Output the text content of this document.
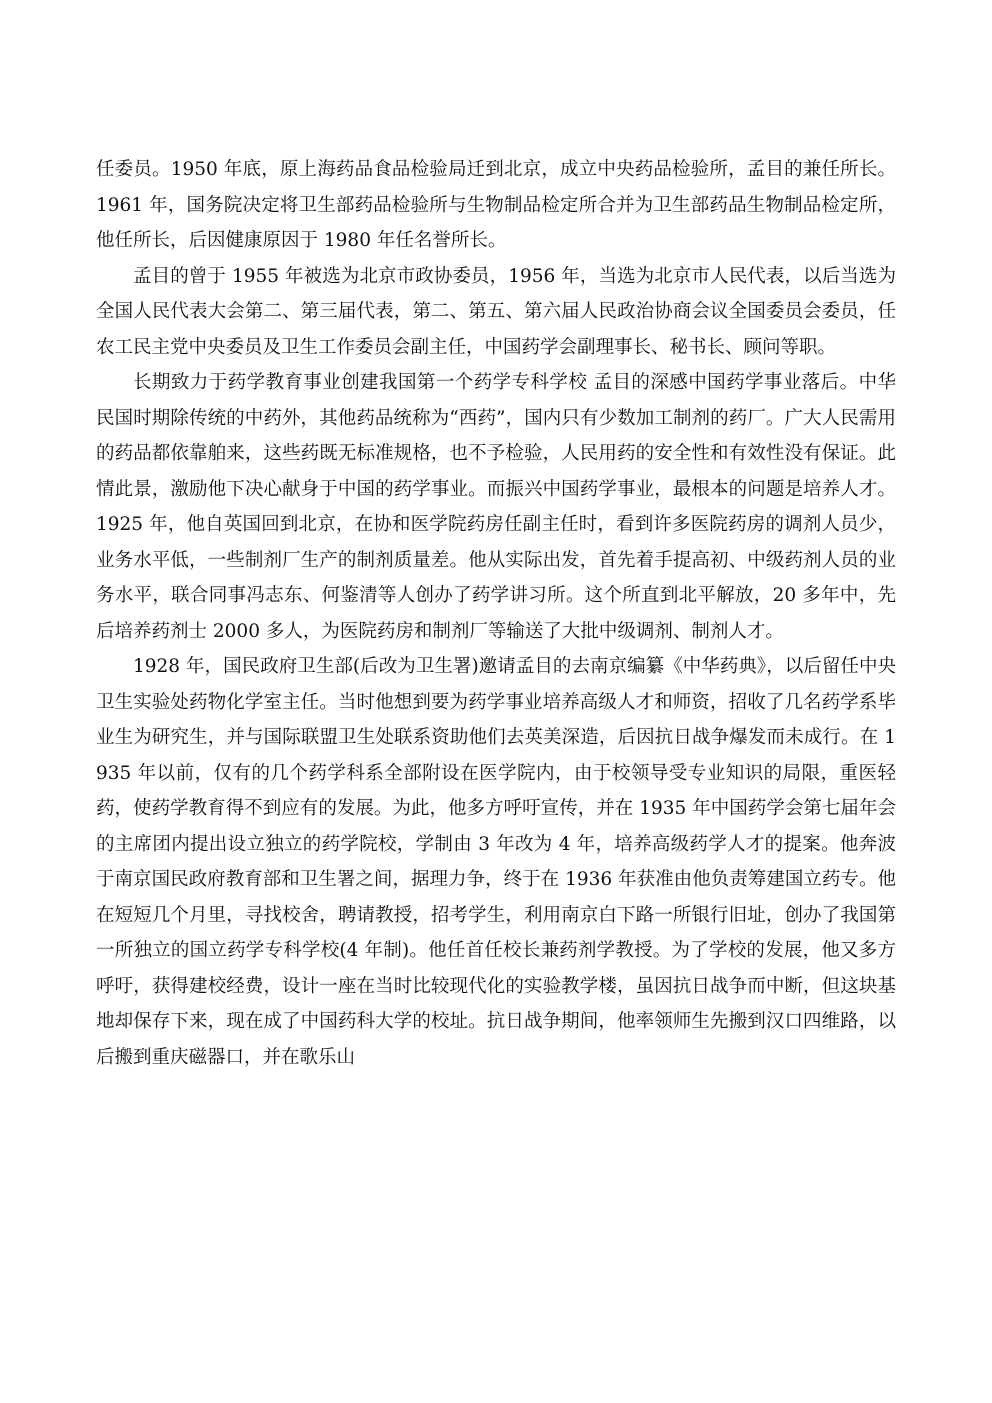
任委员。1950 年底，原上海药品食品检验局迁到北京，成立中央药品检验所，孟目的兼任所长。1961 年，国务院决定将卫生部药品检验所与生物制品检定所合并为卫生部药品生物制品检定所，他任所长，后因健康原因于 1980 年任名誉所长。

孟目的曾于 1955 年被选为北京市政协委员，1956 年，当选为北京市人民代表，以后当选为全国人民代表大会第二、第三届代表，第二、第五、第六届人民政治协商会议全国委员会委员，任农工民主党中央委员及卫生工作委员会副主任，中国药学会副理事长、秘书长、顾问等职。

长期致力于药学教育事业创建我国第一个药学专科学校 孟目的深感中国药学事业落后。中华民国时期除传统的中药外，其他药品统称为“西药”，国内只有少数加工制剂的药厂。广大人民需用的药品都依靠舶来，这些药既无标准规格，也不予检验，人民用药的安全性和有效性没有保证。此情此景，激励他下决心献身于中国的药学事业。而振兴中国药学事业，最根本的问题是培养人才。1925 年，他自英国回到北京，在协和医学院药房任副主任时，看到许多医院药房的调剂人员少，业务水平低，一些制剂厂生产的制剂质量差。他从实际出发，首先着手提高初、中级药剂人员的业务水平，联合同事冯志东、何鉴清等人创办了药学讲习所。这个所直到北平解放，20 多年中，先后培养药剂士 2000 多人，为医院药房和制剂厂等输送了大批中级调剂、制剂人才。

1928 年，国民政府卫生部(后改为卫生署)邀请孟目的去南京编纂《中华药典》，以后留任中央卫生实验处药物化学室主任。当时他想到要为药学事业培养高级人才和师资，招收了几名药学系毕业生为研究生，并与国际联盟卫生处联系资助他们去英美深造，后因抗日战争爆发而未成行。在 1935 年以前，仅有的几个药学科系全部附设在医学院内，由于校领导受专业知识的局限，重医轻药，使药学教育得不到应有的发展。为此，他多方呼吁宣传，并在 1935 年中国药学会第七届年会的主席团内提出设立独立的药学院校，学制由 3 年改为 4 年，培养高级药学人才的提案。他奔波于南京国民政府教育部和卫生署之间，据理力争，终于在 1936 年获准由他负责筹建国立药专。他在短短几个月里，寻找校舍，聘请教授，招考学生，利用南京白下路一所银行旧址，创办了我国第一所独立的国立药学专科学校(4 年制)。他任首任校长兼药剂学教授。为了学校的发展，他又多方呼吁，获得建校经费，设计一座在当时比较现代化的实验教学楼，虽因抗日战争而中断，但这块基地却保存下来，现在成了中国药科大学的校址。抗日战争期间，他率领师生先搬到汉口四维路，以后搬到重庆磁器口，并在歌乐山
